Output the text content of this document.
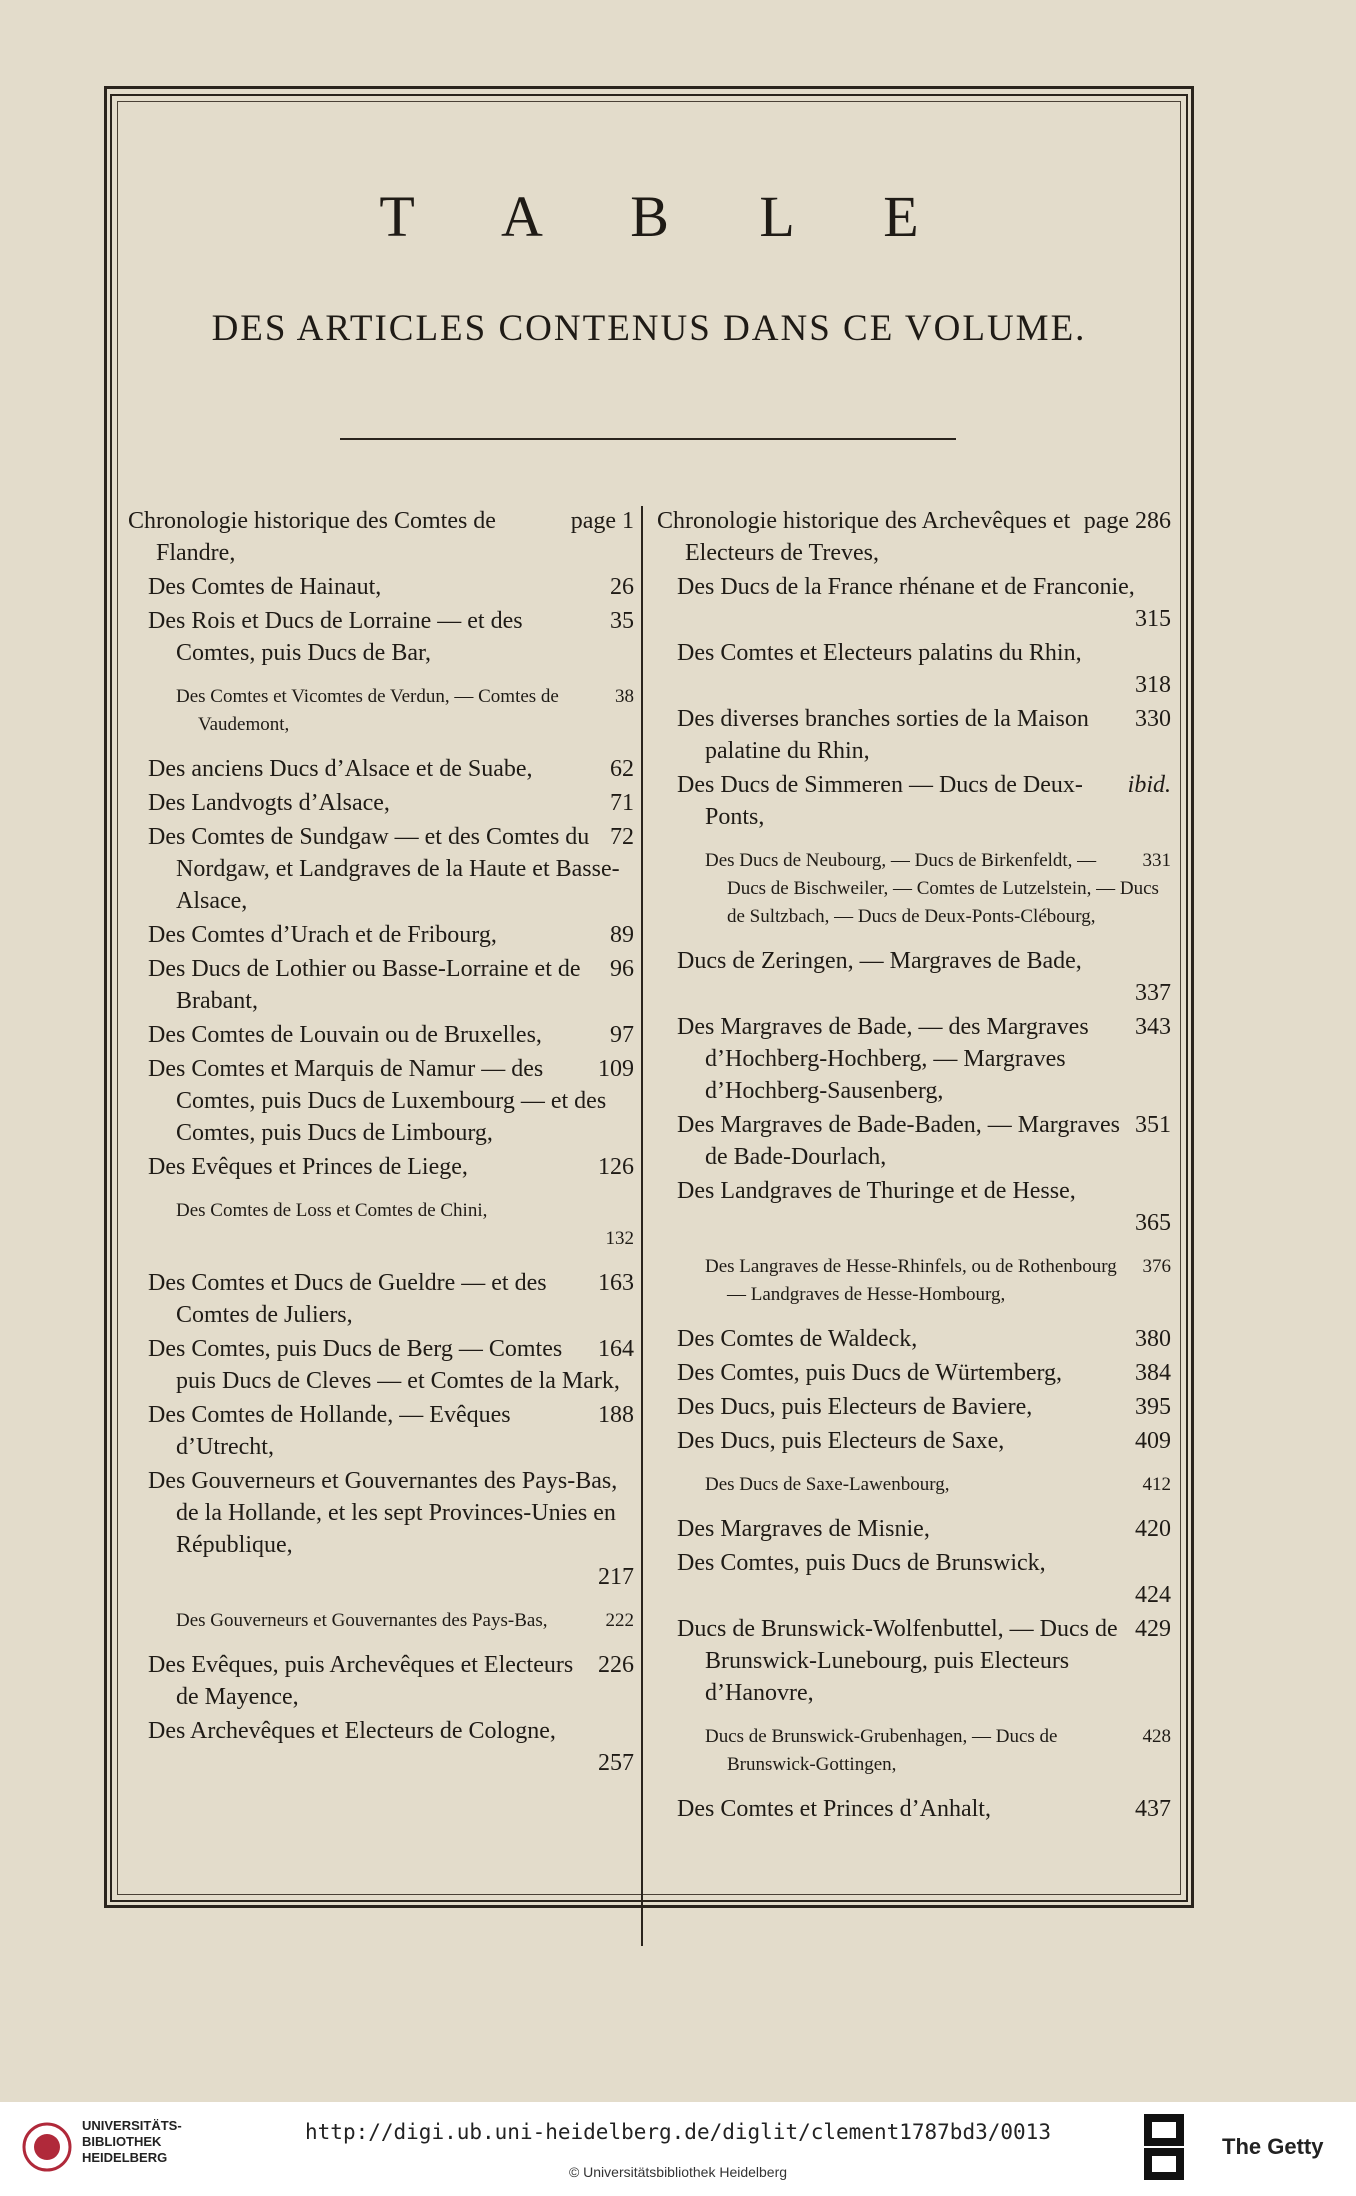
T A B L E
DES ARTICLES CONTENUS DANS CE VOLUME.
page 1
Chronologie historique des Comtes de Flandre,
26
Des Comtes de Hainaut,
35
Des Rois et Ducs de Lorraine — et des Comtes, puis Ducs de Bar,
38
Des Comtes et Vicomtes de Verdun, — Comtes de Vaudemont,
62
Des anciens Ducs d’Alsace et de Suabe,
71
Des Landvogts d’Alsace,
72
Des Comtes de Sundgaw — et des Comtes du Nordgaw, et Landgraves de la Haute et Basse-Alsace,
89
Des Comtes d’Urach et de Fribourg,
96
Des Ducs de Lothier ou Basse-Lorraine et de Brabant,
97
Des Comtes de Louvain ou de Bruxelles,
109
Des Comtes et Marquis de Namur — des Comtes, puis Ducs de Luxembourg — et des Comtes, puis Ducs de Limbourg,
126
Des Evêques et Princes de Liege,
Des Comtes de Loss et Comtes de Chini,
132
163
Des Comtes et Ducs de Gueldre — et des Comtes de Juliers,
164
Des Comtes, puis Ducs de Berg — Comtes puis Ducs de Cleves — et Comtes de la Mark,
188
Des Comtes de Hollande, — Evêques d’Utrecht,
Des Gouverneurs et Gouvernantes des Pays-Bas, de la Hollande, et les sept Provinces-Unies en République,
217
222
Des Gouverneurs et Gouvernantes des Pays-Bas,
226
Des Evêques, puis Archevêques et Electeurs de Mayence,
Des Archevêques et Electeurs de Cologne,
257
page 286
Chronologie historique des Archevêques et Electeurs de Treves,
Des Ducs de la France rhénane et de Franconie,
315
Des Comtes et Electeurs palatins du Rhin,
318
330
Des diverses branches sorties de la Maison palatine du Rhin,
ibid.
Des Ducs de Simmeren — Ducs de Deux-Ponts,
331
Des Ducs de Neubourg, — Ducs de Birkenfeldt, — Ducs de Bischweiler, — Comtes de Lutzelstein, — Ducs de Sultzbach, — Ducs de Deux-Ponts-Clébourg,
Ducs de Zeringen, — Margraves de Bade,
337
343
Des Margraves de Bade, — des Margraves d’Hochberg-Hochberg, — Margraves d’Hochberg-Sausenberg,
351
Des Margraves de Bade-Baden, — Margraves de Bade-Dourlach,
Des Landgraves de Thuringe et de Hesse,
365
376
Des Langraves de Hesse-Rhinfels, ou de Rothenbourg — Landgraves de Hesse-Hombourg,
380
Des Comtes de Waldeck,
384
Des Comtes, puis Ducs de Würtemberg,
395
Des Ducs, puis Electeurs de Baviere,
409
Des Ducs, puis Electeurs de Saxe,
412
Des Ducs de Saxe-Lawenbourg,
420
Des Margraves de Misnie,
Des Comtes, puis Ducs de Brunswick,
424
429
Ducs de Brunswick-Wolfenbuttel, — Ducs de Brunswick-Lunebourg, puis Electeurs d’Hanovre,
428
Ducs de Brunswick-Grubenhagen, — Ducs de Brunswick-Gottingen,
437
Des Comtes et Princes d’Anhalt,
UNIVERSITÄTS-
BIBLIOTHEK
HEIDELBERG
http://digi.ub.uni-heidelberg.de/diglit/clement1787bd3/0013
© Universitätsbibliothek Heidelberg
The Getty
